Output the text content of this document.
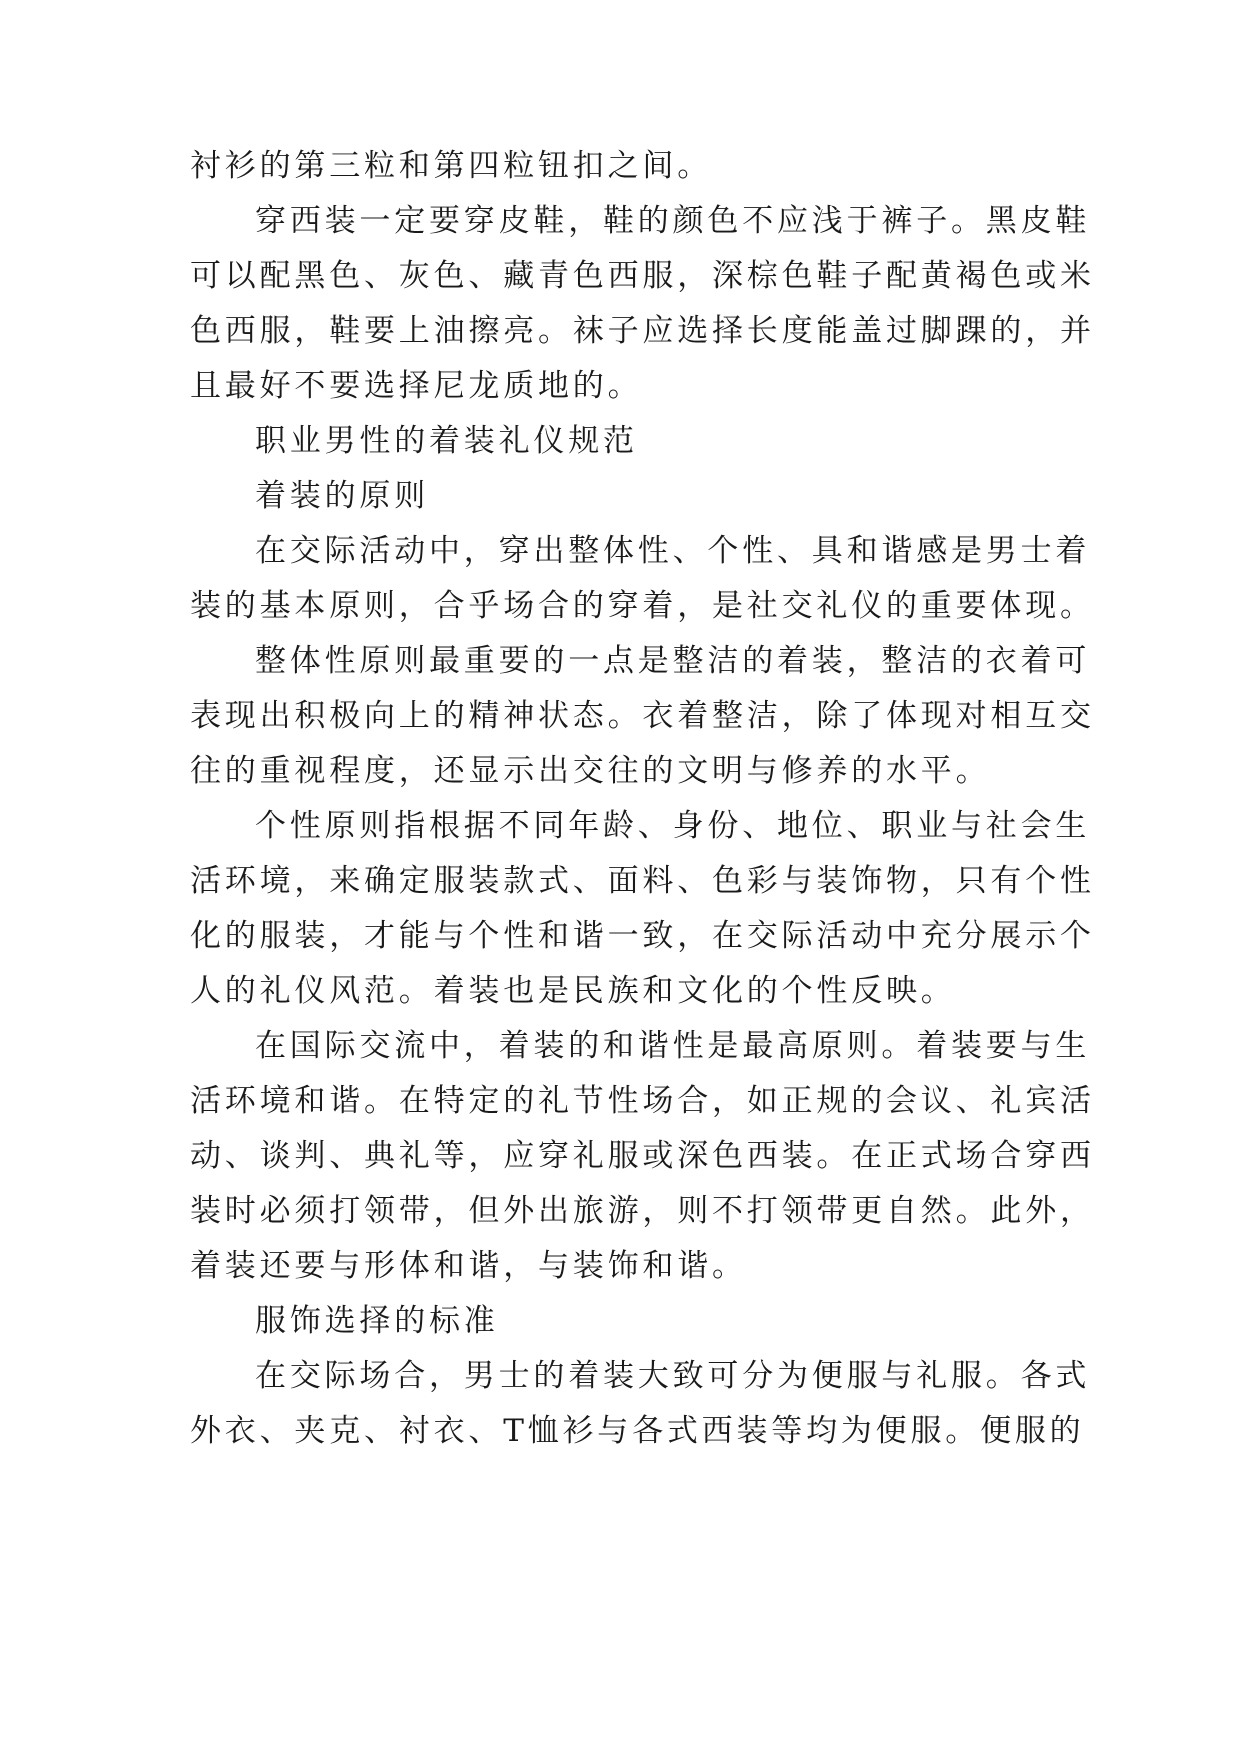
衬衫的第三粒和第四粒钮扣之间。
穿西装一定要穿皮鞋，鞋的颜色不应浅于裤子。黑皮鞋
可以配黑色、灰色、藏青色西服，深棕色鞋子配黄褐色或米
色西服，鞋要上油擦亮。袜子应选择长度能盖过脚踝的，并
且最好不要选择尼龙质地的。
职业男性的着装礼仪规范
着装的原则
在交际活动中，穿出整体性、个性、具和谐感是男士着
装的基本原则，合乎场合的穿着，是社交礼仪的重要体现。
整体性原则最重要的一点是整洁的着装，整洁的衣着可
表现出积极向上的精神状态。衣着整洁，除了体现对相互交
往的重视程度，还显示出交往的文明与修养的水平。
个性原则指根据不同年龄、身份、地位、职业与社会生
活环境，来确定服装款式、面料、色彩与装饰物，只有个性
化的服装，才能与个性和谐一致，在交际活动中充分展示个
人的礼仪风范。着装也是民族和文化的个性反映。
在国际交流中，着装的和谐性是最高原则。着装要与生
活环境和谐。在特定的礼节性场合，如正规的会议、礼宾活
动、谈判、典礼等，应穿礼服或深色西装。在正式场合穿西
装时必须打领带，但外出旅游，则不打领带更自然。此外，
着装还要与形体和谐，与装饰和谐。
服饰选择的标准
在交际场合，男士的着装大致可分为便服与礼服。各式
外衣、夹克、衬衣、T恤衫与各式西装等均为便服。便服的
